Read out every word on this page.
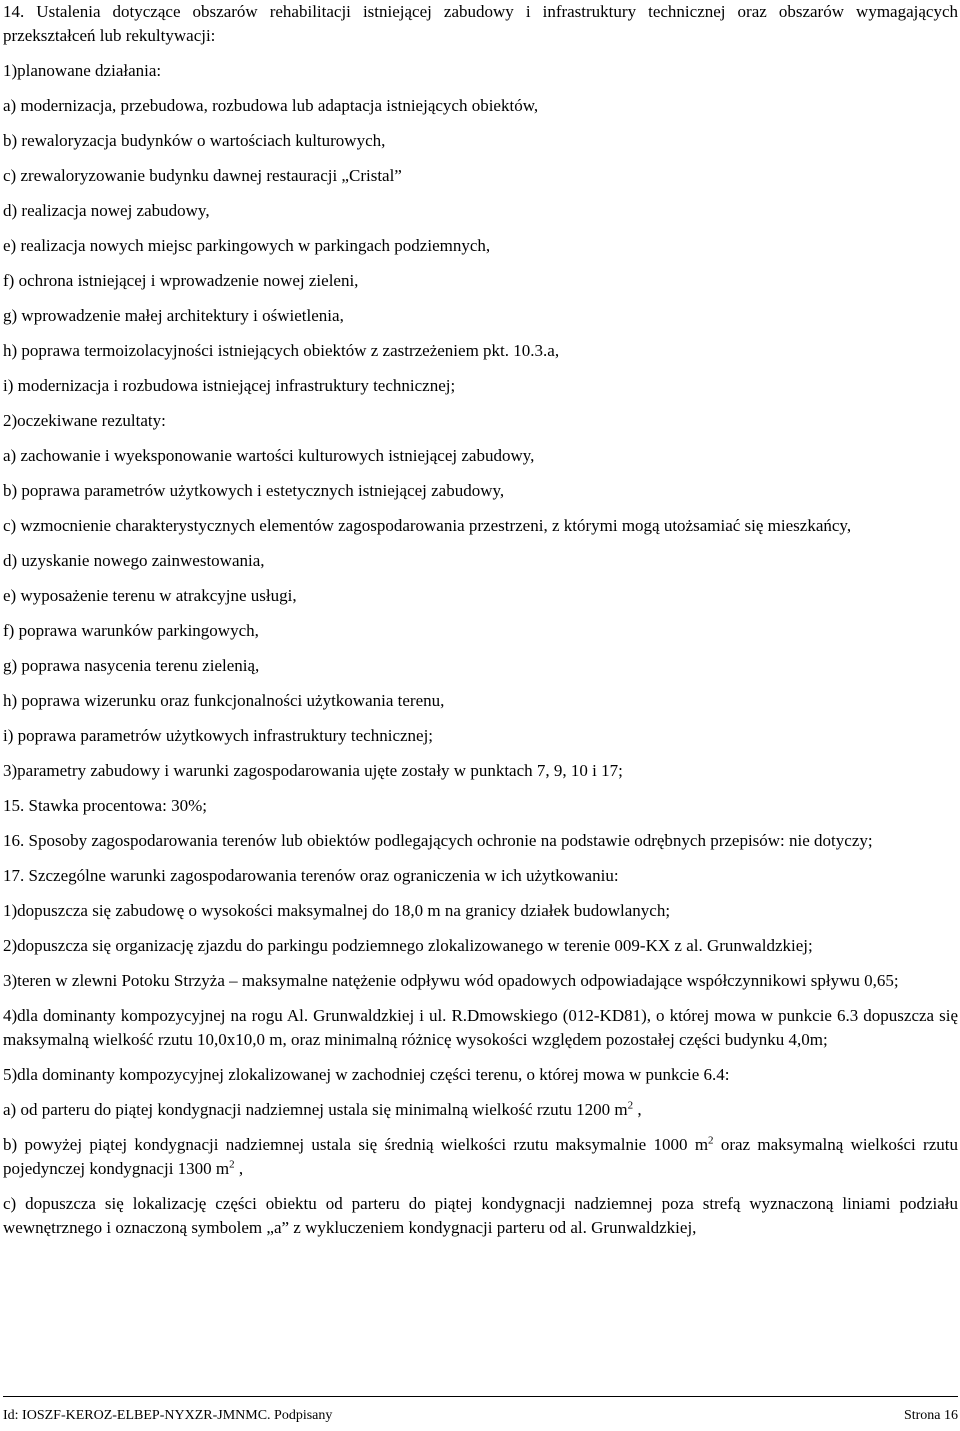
14. Ustalenia dotyczące obszarów rehabilitacji istniejącej zabudowy i infrastruktury technicznej oraz obszarów wymagających przekształceń lub rekultywacji:

1)planowane działania:

a) modernizacja, przebudowa, rozbudowa lub adaptacja istniejących obiektów,

b) rewaloryzacja budynków o wartościach kulturowych,

c) zrewaloryzowanie budynku dawnej restauracji „Cristal”

d) realizacja nowej zabudowy,

e) realizacja nowych miejsc parkingowych w parkingach podziemnych,

f) ochrona istniejącej i wprowadzenie nowej zieleni,

g) wprowadzenie małej architektury i oświetlenia,

h) poprawa termoizolacyjności istniejących obiektów z zastrzeżeniem pkt. 10.3.a,

i) modernizacja i rozbudowa istniejącej infrastruktury technicznej;

2)oczekiwane rezultaty:

a) zachowanie i wyeksponowanie wartości kulturowych istniejącej zabudowy,

b) poprawa parametrów użytkowych i estetycznych istniejącej zabudowy,

c) wzmocnienie charakterystycznych elementów zagospodarowania przestrzeni, z którymi mogą utożsamiać się mieszkańcy,

d) uzyskanie nowego zainwestowania,

e) wyposażenie terenu w atrakcyjne usługi,

f) poprawa warunków parkingowych,

g) poprawa nasycenia terenu zielenią,

h) poprawa wizerunku oraz funkcjonalności użytkowania terenu,

i) poprawa parametrów użytkowych infrastruktury technicznej;

3)parametry zabudowy i warunki zagospodarowania ujęte zostały w punktach 7, 9, 10 i 17;

15. Stawka procentowa: 30%;

16. Sposoby zagospodarowania terenów lub obiektów podlegających ochronie na podstawie odrębnych przepisów: nie dotyczy;

17. Szczególne warunki zagospodarowania terenów oraz ograniczenia w ich użytkowaniu:

1)dopuszcza się zabudowę o wysokości maksymalnej do 18,0 m na granicy działek budowlanych;

2)dopuszcza się organizację zjazdu do parkingu podziemnego zlokalizowanego w terenie 009-KX z al. Grunwaldzkiej;

3)teren w zlewni Potoku Strzyża – maksymalne natężenie odpływu wód opadowych odpowiadające współczynnikowi spływu 0,65;

4)dla dominanty kompozycyjnej na rogu Al. Grunwaldzkiej i ul. R.Dmowskiego (012-KD81), o której mowa w punkcie 6.3 dopuszcza się maksymalną wielkość rzutu 10,0x10,0 m, oraz minimalną różnicę wysokości względem pozostałej części budynku 4,0m;

5)dla dominanty kompozycyjnej zlokalizowanej w zachodniej części terenu, o której mowa w punkcie 6.4:

a) od parteru do piątej kondygnacji nadziemnej ustala się minimalną wielkość rzutu 1200 $m^2$ ,

b) powyżej piątej kondygnacji nadziemnej ustala się średnią wielkości rzutu maksymalnie 1000 $m^2$ oraz maksymalną wielkości rzutu pojedynczej kondygnacji 1300 $m^2$ ,

c) dopuszcza się lokalizację części obiektu od parteru do piątej kondygnacji nadziemnej poza strefą wyznaczoną liniami podziału wewnętrznego i oznaczoną symbolem „a” z wykluczeniem kondygnacji parteru od al. Grunwaldzkiej,

Id: IOSZF-KEROZ-ELBEP-NYXZR-JMNMC. Podpisany	Strona 16
